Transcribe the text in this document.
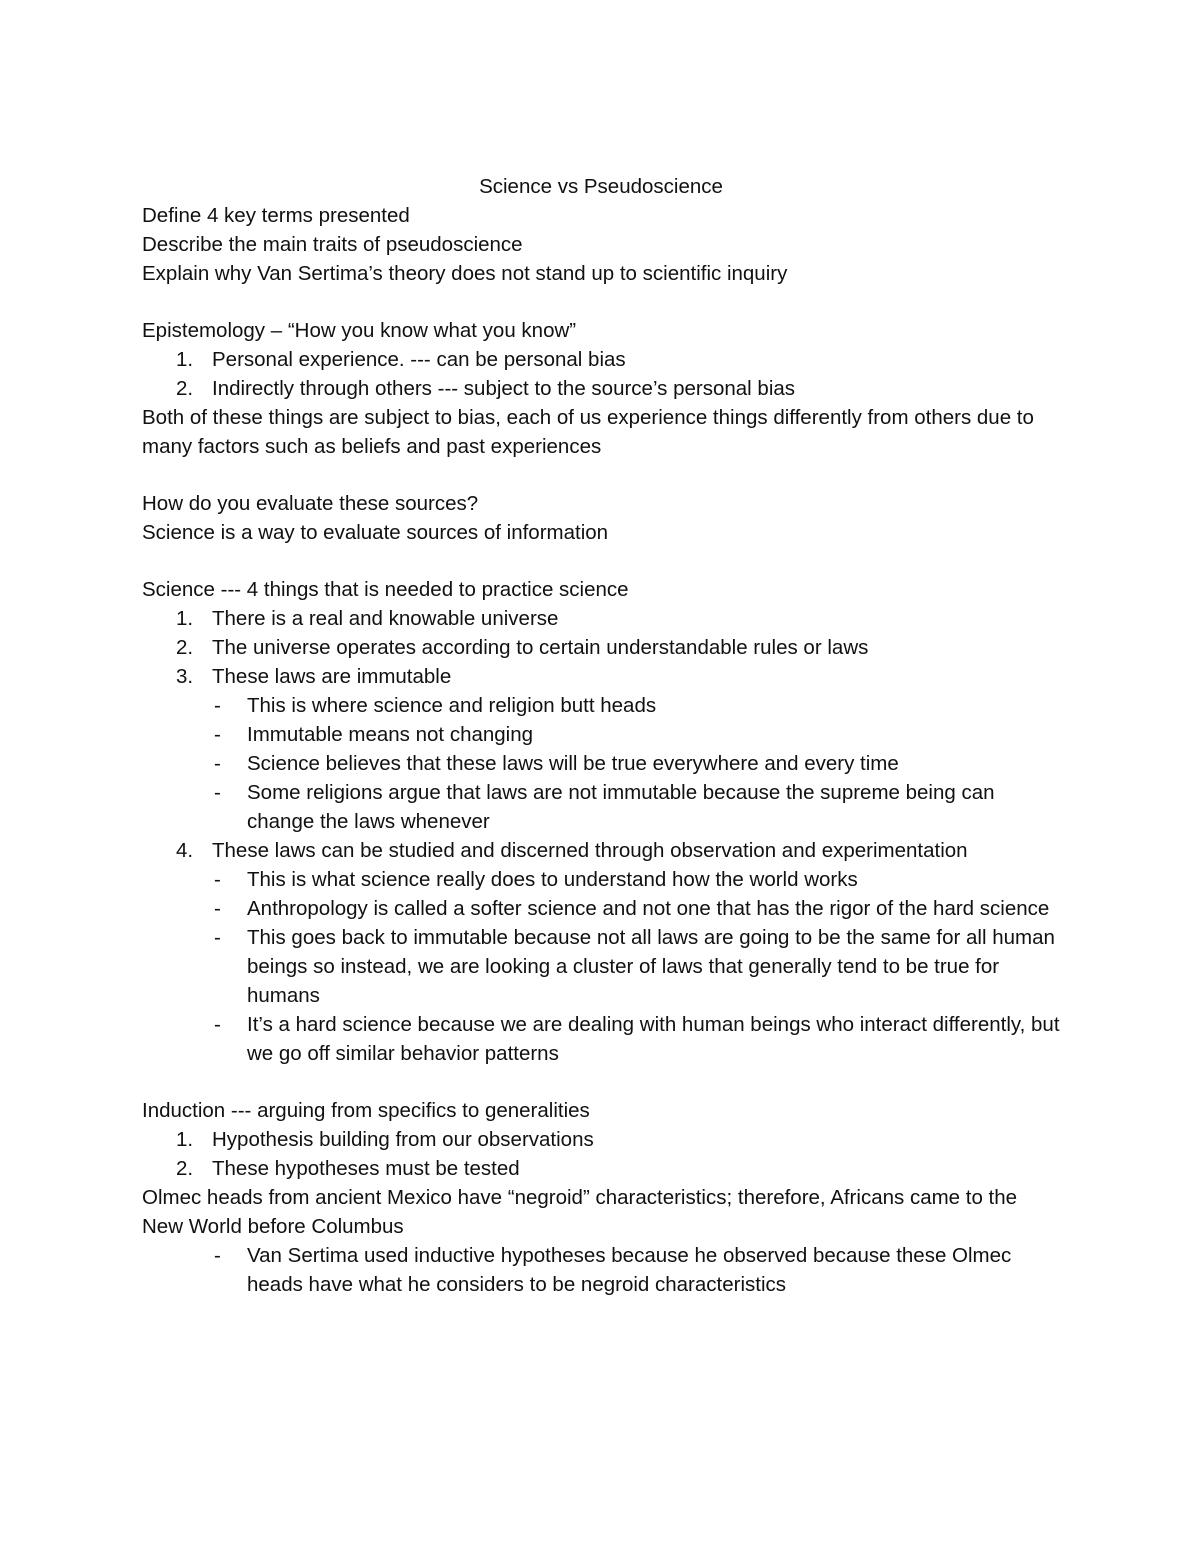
Science vs Pseudoscience

Define 4 key terms presented

Describe the main traits of pseudoscience

Explain why Van Sertima’s theory does not stand up to scientific inquiry

Epistemology – “How you know what you know”

1. Personal experience. --- can be personal bias
2. Indirectly through others --- subject to the source’s personal bias

Both of these things are subject to bias, each of us experience things differently from others due to many factors such as beliefs and past experiences

How do you evaluate these sources?

Science is a way to evaluate sources of information

Science --- 4 things that is needed to practice science

1. There is a real and knowable universe
2. The universe operates according to certain understandable rules or laws
3. These laws are immutable
- This is where science and religion butt heads
- Immutable means not changing
- Science believes that these laws will be true everywhere and every time
- Some religions argue that laws are not immutable because the supreme being can change the laws whenever
4. These laws can be studied and discerned through observation and experimentation
- This is what science really does to understand how the world works
- Anthropology is called a softer science and not one that has the rigor of the hard science
- This goes back to immutable because not all laws are going to be the same for all human beings so instead, we are looking a cluster of laws that generally tend to be true for humans
- It’s a hard science because we are dealing with human beings who interact differently, but we go off similar behavior patterns

Induction --- arguing from specifics to generalities

1. Hypothesis building from our observations
2. These hypotheses must be tested

Olmec heads from ancient Mexico have “negroid” characteristics; therefore, Africans came to the New World before Columbus

- Van Sertima used inductive hypotheses because he observed because these Olmec heads have what he considers to be negroid characteristics
